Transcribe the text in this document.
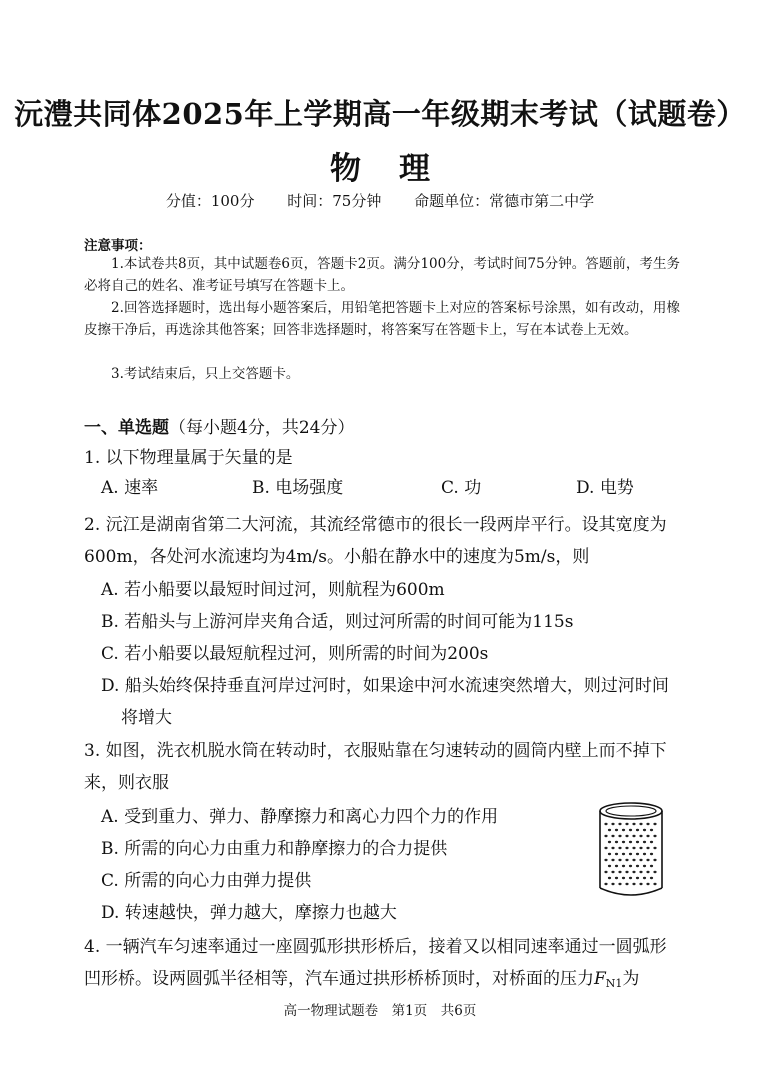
沅澧共同体2025年上学期高一年级期末考试（试题卷）
物理
分值：100分 时间：75分钟 命题单位：常德市第二中学
注意事项：
1.本试卷共8页，其中试题卷6页，答题卡2页。满分100分，考试时间75分钟。答题前，考生务必将自己的姓名、准考证号填写在答题卡上。
2.回答选择题时，选出每小题答案后，用铅笔把答题卡上对应的答案标号涂黑，如有改动，用橡皮擦干净后，再选涂其他答案；回答非选择题时，将答案写在答题卡上，写在本试卷上无效。
3.考试结束后，只上交答题卡。
一、单选题（每小题4分，共24分）
1. 以下物理量属于矢量的是
A. 速率	B. 电场强度	C. 功	D. 电势
2. 沅江是湖南省第二大河流，其流经常德市的很长一段两岸平行。设其宽度为
600m，各处河水流速均为4m/s。小船在静水中的速度为5m/s，则
A. 若小船要以最短时间过河，则航程为600m
B. 若船头与上游河岸夹角合适，则过河所需的时间可能为115s
C. 若小船要以最短航程过河，则所需的时间为200s
D. 船头始终保持垂直河岸过河时，如果途中河水流速突然增大，则过河时间
将增大
3. 如图，洗衣机脱水筒在转动时，衣服贴靠在匀速转动的圆筒内壁上而不掉下
来，则衣服
A. 受到重力、弹力、静摩擦力和离心力四个力的作用
B. 所需的向心力由重力和静摩擦力的合力提供
C. 所需的向心力由弹力提供
D. 转速越快，弹力越大，摩擦力也越大
4. 一辆汽车匀速率通过一座圆弧形拱形桥后，接着又以相同速率通过一圆弧形
凹形桥。设两圆弧半径相等，汽车通过拱形桥桥顶时，对桥面的压力$F_{N1}$为
高一物理试题卷　第1页　共6页
